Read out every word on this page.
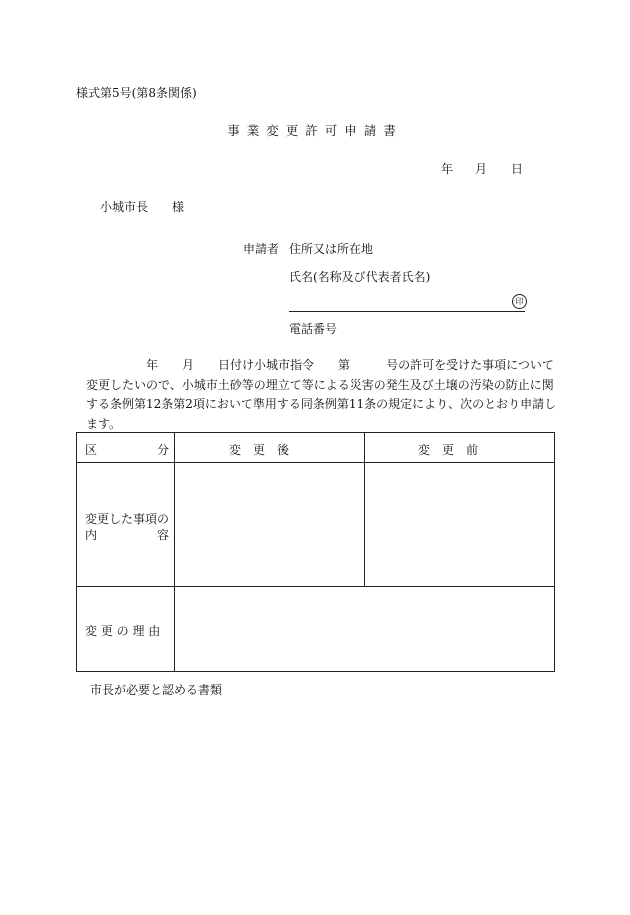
様式第5号(第8条関係)
事業変更許可申請書
年 月 日
小城市長 様
申請者 住所又は所在地
氏名(名称及び代表者氏名)
印
電話番号
年 月 日付け小城市指令 第	号の許可を受けた事項について
変更したいので、小城市土砂等の埋立て等による災害の発生及び土壌の汚染の防止に関
する条例第12条第2項において準用する同条例第11条の規定により、次のとおり申請し
ます。
区	分	変　更　後	変　更　前
変更した事項の
内	容
変 更 の 理 由
市長が必要と認める書類
